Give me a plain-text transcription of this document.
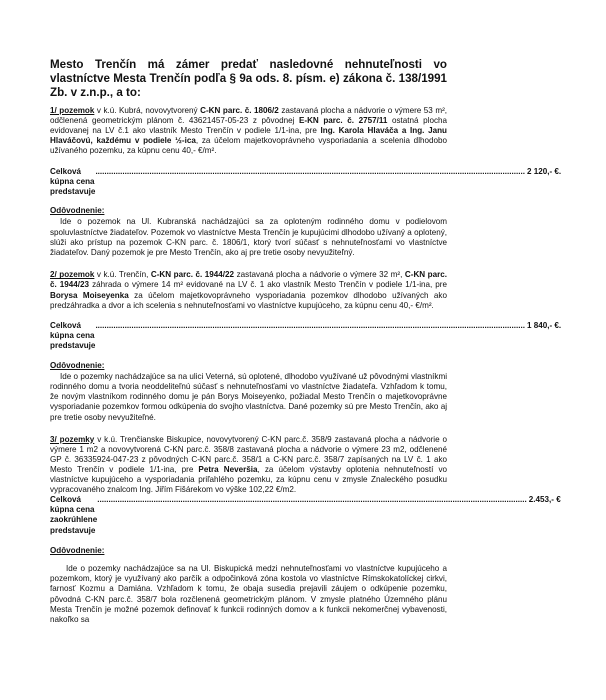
Mesto Trenčín má zámer predať nasledovné nehnuteľnosti vo vlastníctve Mesta Trenčín podľa § 9a ods. 8. písm. e) zákona č. 138/1991 Zb. v z.n.p., a to:

1/ pozemok v k.ú. Kubrá, novovytvorený C-KN parc. č. 1806/2 zastavaná plocha a nádvorie o výmere 53 m², odčlenená geometrickým plánom č. 43621457-05-23 z pôvodnej E-KN parc. č. 2757/11 ostatná plocha evidovanej na LV č.1 ako vlastník Mesto Trenčín v podiele 1/1-ina, pre Ing. Karola Hlaváča a Ing. Janu Hlaváčovú, každému v podiele ½-ica, za účelom majetkovoprávneho vysporiadania a scelenia dlhodobo užívaného pozemku, za kúpnu cenu 40,- €/m².

Celková kúpna cena predstavuje
............................................................................................................................................................................................... 2 120,- €.

Odôvodnenie:

Ide o pozemok na Ul. Kubranská nachádzajúci sa za oploteným rodinného domu v podielovom spoluvlastníctve žiadateľov. Pozemok vo vlastníctve Mesta Trenčín je kupujúcimi dlhodobo užívaný a oplotený, slúži ako prístup na pozemok C-KN parc. č. 1806/1, ktorý tvorí súčasť s nehnuteľnosťami vo vlastníctve žiadateľov. Daný pozemok je pre Mesto Trenčín, ako aj pre tretie osoby nevyužiteľný.

2/ pozemok v k.ú. Trenčín, C-KN parc. č. 1944/22 zastavaná plocha a nádvorie o výmere 32 m², C-KN parc. č. 1944/23 záhrada o výmere 14 m² evidované na LV č. 1 ako vlastník Mesto Trenčín v podiele 1/1-ina, pre Borysa Moiseyenka za účelom majetkovoprávneho vysporiadania pozemkov dlhodobo užívaných ako predzáhradka a dvor a ich scelenia s nehnuteľnosťami vo vlastníctve kupujúceho, za kúpnu cenu 40,- €/m².

Celková kúpna cena predstavuje
............................................................................................................................................................................................... 1 840,- €.

Odôvodnenie:

Ide o pozemky nachádzajúce sa na ulici Veterná, sú oplotené, dlhodobo využívané už pôvodnými vlastníkmi rodinného domu a tvoria neoddeliteľnú súčasť s nehnuteľnosťami vo vlastníctve žiadateľa. Vzhľadom k tomu, že novým vlastníkom rodinného domu je pán Borys Moiseyenko, požiadal Mesto Trenčín o majetkovoprávne vysporiadanie pozemkov formou odkúpenia do svojho vlastníctva. Dané pozemky sú pre Mesto Trenčín, ako aj pre tretie osoby nevyužiteľné.

3/ pozemky v k.ú. Trenčianske Biskupice, novovytvorený C-KN parc.č. 358/9 zastavaná plocha a nádvorie o výmere 1 m2 a novovytvorená C-KN parc.č. 358/8 zastavaná plocha a nádvorie o výmere 23 m2, odčlenené GP č. 36335924-047-23 z pôvodných C-KN parc.č. 358/1 a C-KN parc.č. 358/7 zapísaných na LV č. 1 ako Mesto Trenčín v podiele 1/1-ina, pre Petra Neveršia, za účelom výstavby oplotenia nehnuteľností vo vlastníctve kupujúceho a vysporiadania priľahlého pozemku, za kúpnu cenu v zmysle Znaleckého posudku vypracovaného znalcom Ing. Jiřím Fišárekom vo výške 102,22 €/m2.

Celková kúpna cena zaokrúhlene predstavuje
............................................................................................................................................................................................... 2.453,- €

Odôvodnenie:

Ide o pozemky nachádzajúce sa na Ul. Biskupická medzi nehnuteľnosťami vo vlastníctve kupujúceho a pozemkom, ktorý je využívaný ako parčík a odpočinková zóna kostola vo vlastníctve Rímskokatolíckej cirkvi, farnosť Kozmu a Damiána. Vzhľadom k tomu, že obaja susedia prejavili záujem o odkúpenie pozemku, pôvodná C-KN parc.č. 358/7 bola rozčlenená geometrickým plánom. V zmysle platného Územného plánu Mesta Trenčín je možné pozemok definovať k funkcii rodinných domov a k funkcii nekomerčnej vybavenosti, nakoľko sa
